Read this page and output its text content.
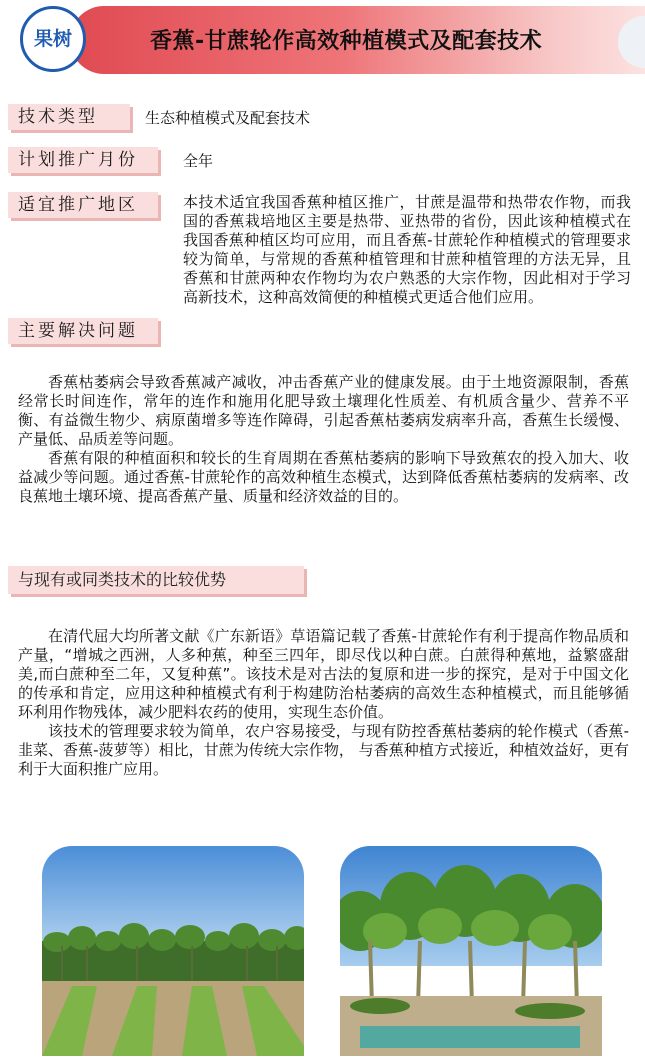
果树	香蕉-甘蔗轮作高效种植模式及配套技术
技术类型	生态种植模式及配套技术
计划推广月份	全年
适宜推广地区	本技术适宜我国香蕉种植区推广，甘蔗是温带和热带农作物，而我国的香蕉栽培地区主要是热带、亚热带的省份，因此该种植模式在我国香蕉种植区均可应用，而且香蕉-甘蔗轮作种植模式的管理要求较为简单，与常规的香蕉种植管理和甘蔗种植管理的方法无异，且香蕉和甘蔗两种农作物均为农户熟悉的大宗作物，因此相对于学习高新技术，这种高效简便的种植模式更适合他们应用。

主要解决问题

香蕉枯萎病会导致香蕉减产减收，冲击香蕉产业的健康发展。由于土地资源限制，香蕉经常长时间连作，常年的连作和施用化肥导致土壤理化性质差、有机质含量少、营养不平衡、有益微生物少、病原菌增多等连作障碍，引起香蕉枯萎病发病率升高，香蕉生长缓慢、产量低、品质差等问题。

香蕉有限的种植面积和较长的生育周期在香蕉枯萎病的影响下导致蕉农的投入加大、收益减少等问题。通过香蕉-甘蔗轮作的高效种植生态模式，达到降低香蕉枯萎病的发病率、改良蕉地土壤环境、提高香蕉产量、质量和经济效益的目的。

与现有或同类技术的比较优势

在清代屈大均所著文献《广东新语》草语篇记载了香蕉-甘蔗轮作有利于提高作物品质和产量，“增城之西洲，人多种蕉，种至三四年，即尽伐以种白蔗。白蔗得种蕉地，益繁盛甜美,而白蔗种至二年，又复种蕉”。该技术是对古法的复原和进一步的探究，是对于中国文化的传承和肯定，应用这种种植模式有利于构建防治枯萎病的高效生态种植模式，而且能够循环利用作物残体，减少肥料农药的使用，实现生态价值。

该技术的管理要求较为简单，农户容易接受，与现有防控香蕉枯萎病的轮作模式（香蕉-韭菜、香蕉-菠萝等）相比，甘蔗为传统大宗作物， 与香蕉种植方式接近，种植效益好，更有利于大面积推广应用。
